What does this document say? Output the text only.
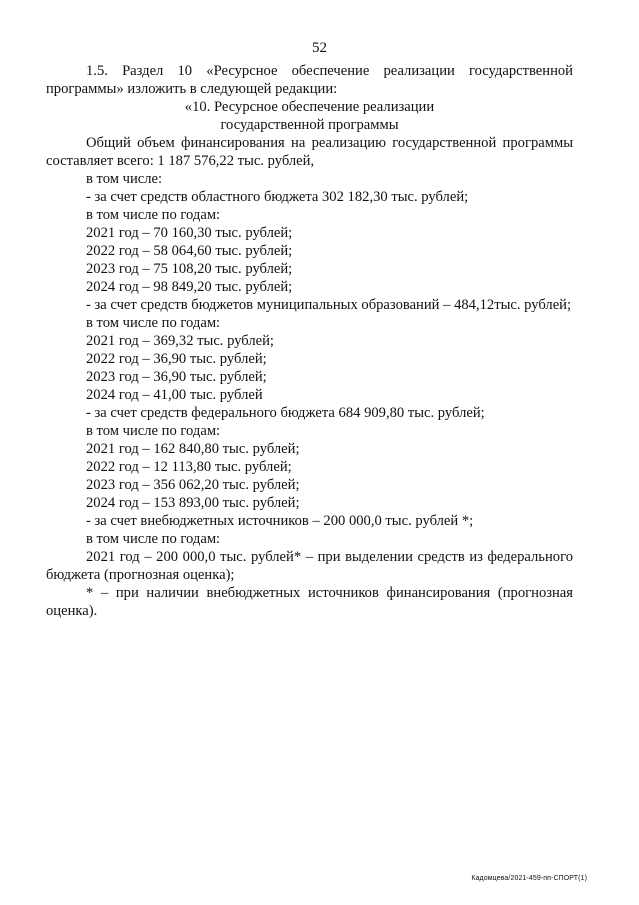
52

1.5. Раздел 10 «Ресурсное обеспечение реализации государственной программы» изложить в следующей редакции:

«10. Ресурсное обеспечение реализации

государственной программы

Общий объем финансирования на реализацию государственной программы составляет всего: 1 187 576,22 тыс. рублей,

в том числе:

- за счет средств областного бюджета 302 182,30 тыс. рублей;

в том числе по годам:

2021 год – 70 160,30 тыс. рублей;

2022 год – 58 064,60 тыс. рублей;

2023 год – 75 108,20 тыс. рублей;

2024 год – 98 849,20 тыс. рублей;

- за счет средств бюджетов муниципальных образований – 484,12тыс. рублей;

в том числе по годам:

2021 год – 369,32 тыс. рублей;

2022 год – 36,90 тыс. рублей;

2023 год – 36,90 тыс. рублей;

2024 год – 41,00 тыс. рублей

- за счет средств федерального бюджета 684 909,80 тыс. рублей;

в том числе по годам:

2021 год – 162 840,80 тыс. рублей;

2022 год – 12 113,80 тыс. рублей;

2023 год – 356 062,20 тыс. рублей;

2024 год – 153 893,00 тыс. рублей;

- за счет внебюджетных источников – 200 000,0 тыс. рублей *;

в том числе по годам:

2021 год – 200 000,0 тыс. рублей* – при выделении средств из федерального бюджета (прогнозная оценка);

* – при наличии внебюджетных источников финансирования (прогнозная оценка).

Кадомцева/2021-459-пп-СПОРТ(1)
